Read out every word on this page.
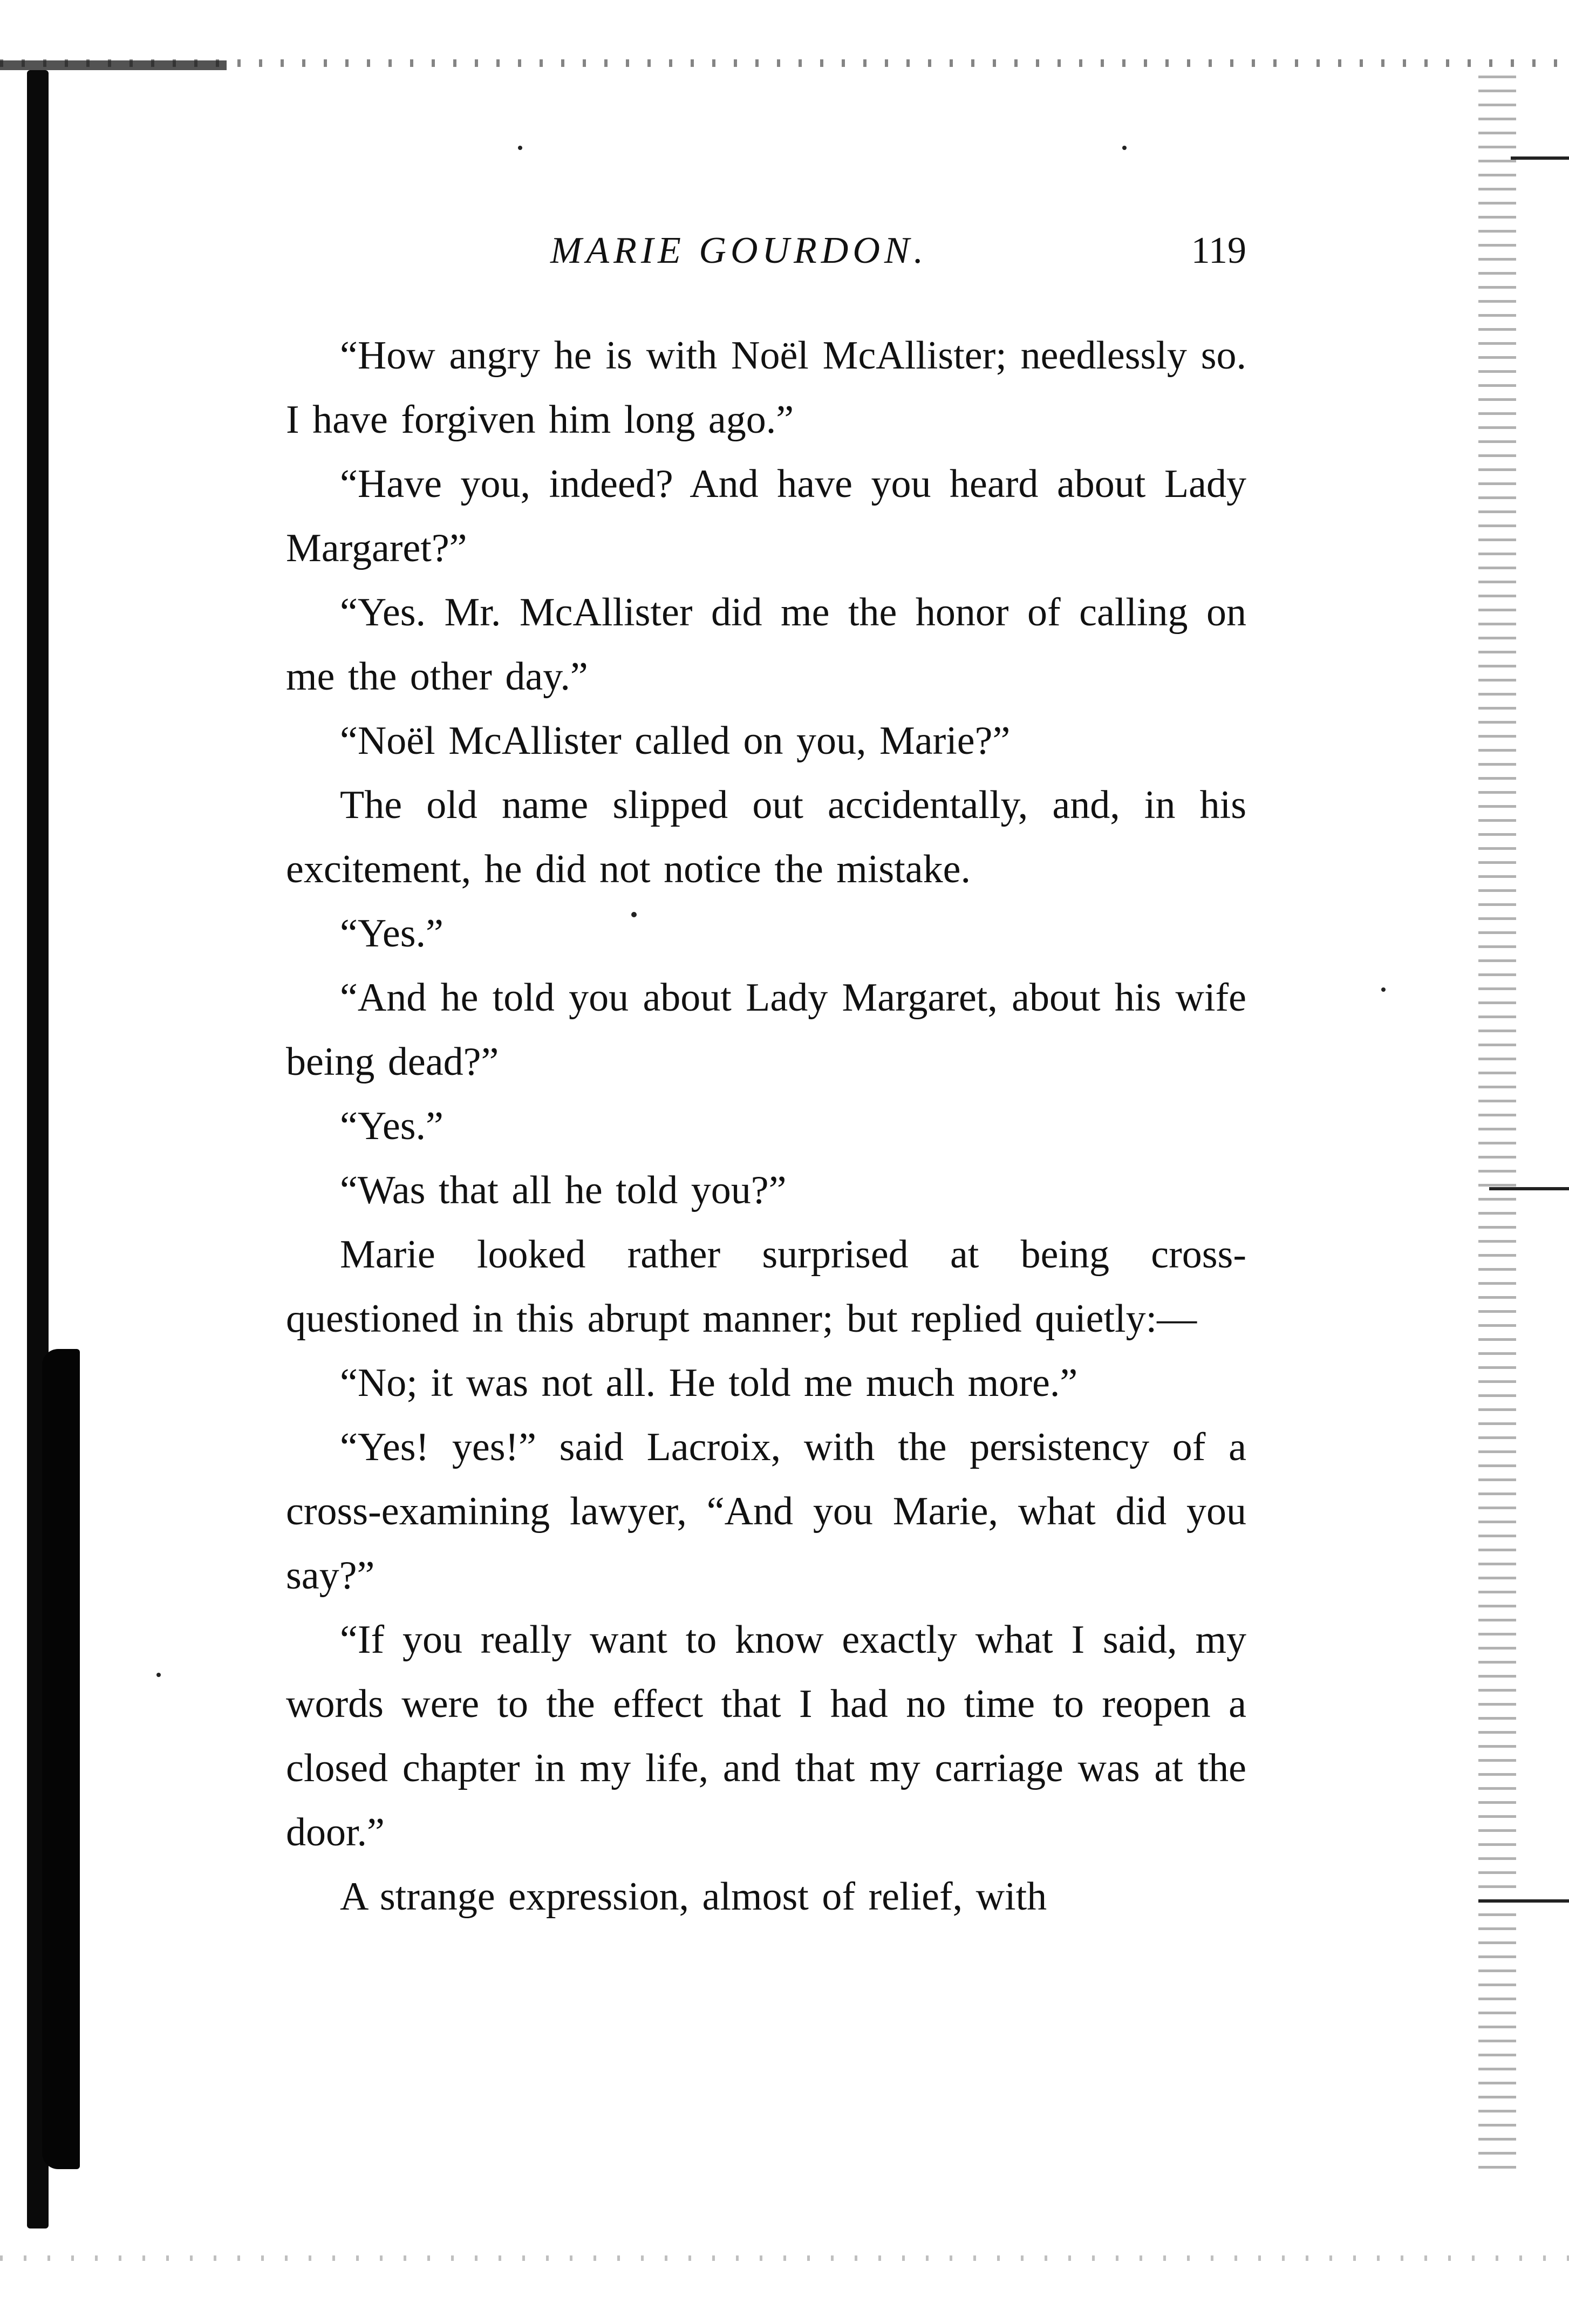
MARIE GOURDON.	119

“How angry he is with Noël McAllister; needlessly so. I have forgiven him long ago.”

“Have you, indeed? And have you heard about Lady Margaret?”

“Yes. Mr. McAllister did me the honor of calling on me the other day.”

“Noël McAllister called on you, Marie?”

The old name slipped out accidentally, and, in his excitement, he did not notice the mistake.

“Yes.”

“And he told you about Lady Margaret, about his wife being dead?”

“Yes.”

“Was that all he told you?”

Marie looked rather surprised at being cross-questioned in this abrupt manner; but replied quietly:—

“No; it was not all. He told me much more.”

“Yes! yes!” said Lacroix, with the persistency of a cross-examining lawyer, “And you Marie, what did you say?”

“If you really want to know exactly what I said, my words were to the effect that I had no time to reopen a closed chapter in my life, and that my carriage was at the door.”

A strange expression, almost of relief, with
